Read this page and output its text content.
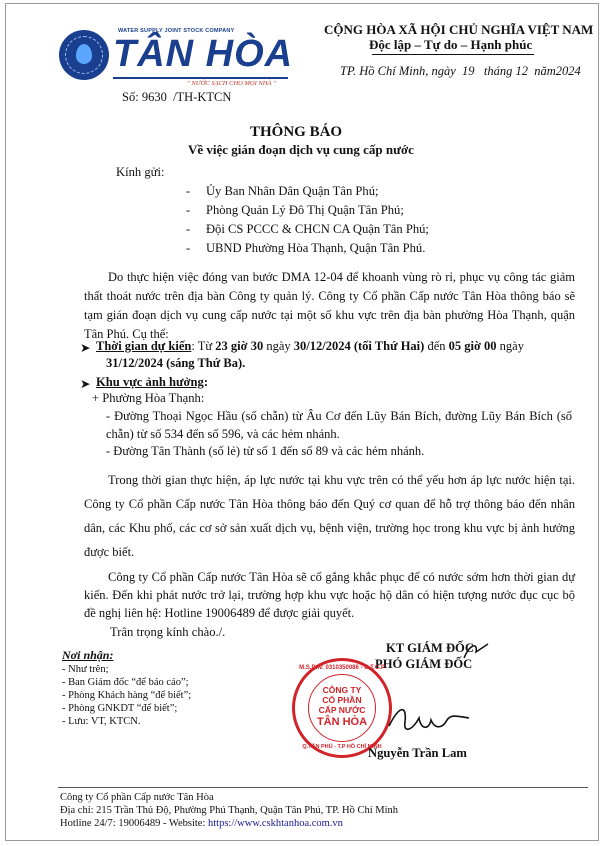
WATER SUPPLY JOINT STOCK COMPANY
TÂN HÒA
" NƯỚC SẠCH CHO MỌI NHÀ "
CỘNG HÒA XÃ HỘI CHỦ NGHĨA VIỆT NAM
Độc lập – Tự do – Hạnh phúc
TP. Hồ Chí Minh, ngày 19 tháng 12 năm2024
Số: 9630 /TH-KTCN
THÔNG BÁO
Về việc gián đoạn dịch vụ cung cấp nước
Kính gửi:
-     Ủy Ban Nhân Dân Quận Tân Phú;
-     Phòng Quản Lý Đô Thị Quận Tân Phú;
-     Đội CS PCCC & CHCN CA Quận Tân Phú;
-     UBND Phường Hòa Thạnh, Quận Tân Phú.
Do thực hiện việc đóng van bước DMA 12-04 để khoanh vùng rò rỉ, phục vụ công tác giảm thất thoát nước trên địa bàn Công ty quản lý. Công ty Cổ phần Cấp nước Tân Hòa thông báo sẽ tạm gián đoạn dịch vụ cung cấp nước tại một số khu vực trên địa bàn phường Hòa Thạnh, quận Tân Phú. Cụ thể:
➤ Thời gian dự kiến: Từ 23 giờ 30 ngày 30/12/2024 (tối Thứ Hai) đến 05 giờ 00 ngày
31/12/2024 (sáng Thứ Ba).
➤ Khu vực ảnh hưởng:
+ Phường Hòa Thạnh:
- Đường Thoại Ngọc Hầu (số chẵn) từ Âu Cơ đến Lũy Bán Bích, đường Lũy Bán Bích (số chẵn) từ số 534 đến số 596, và các hẻm nhánh.
- Đường Tân Thành (số lẻ) từ số 1 đến số 89 và các hẻm nhánh.
Trong thời gian thực hiện, áp lực nước tại khu vực trên có thể yếu hơn áp lực nước hiện tại. Công ty Cổ phần Cấp nước Tân Hòa thông báo đến Quý cơ quan để hỗ trợ thông báo đến nhân dân, các Khu phố, các cơ sở sản xuất dịch vụ, bệnh viện, trường học trong khu vực bị ảnh hưởng được biết.
Công ty Cổ phần Cấp nước Tân Hòa sẽ cố gắng khắc phục để có nước sớm hơn thời gian dự kiến. Đến khi phát nước trở lại, trường hợp khu vực hoặc hộ dân có hiện tượng nước đục cục bộ đề nghị liên hệ: Hotline 19006489 để được giải quyết.
Trân trọng kính chào./.
Nơi nhận:
- Như trên;
- Ban Giám đốc “để báo cáo”;
- Phòng Khách hàng “để biết”;
- Phòng GNKDT “để biết”;
- Lưu: VT, KTCN.
KT GIÁM ĐỐC
PHÓ GIÁM ĐỐC
M.S.D.N: 0310350086 - C.T.C.P
CÔNG TY
CỔ PHẦN
CẤP NƯỚC
TÂN HÒA
Q.TÂN PHÚ - T.P HỒ CHÍ MINH
Nguyễn Trần Lam
Công ty Cổ phần Cấp nước Tân Hòa
Địa chỉ: 215 Trần Thủ Độ, Phường Phú Thạnh, Quận Tân Phú, TP. Hồ Chí Minh
Hotline 24/7: 19006489 - Website: https://www.cskhtanhoa.com.vn
